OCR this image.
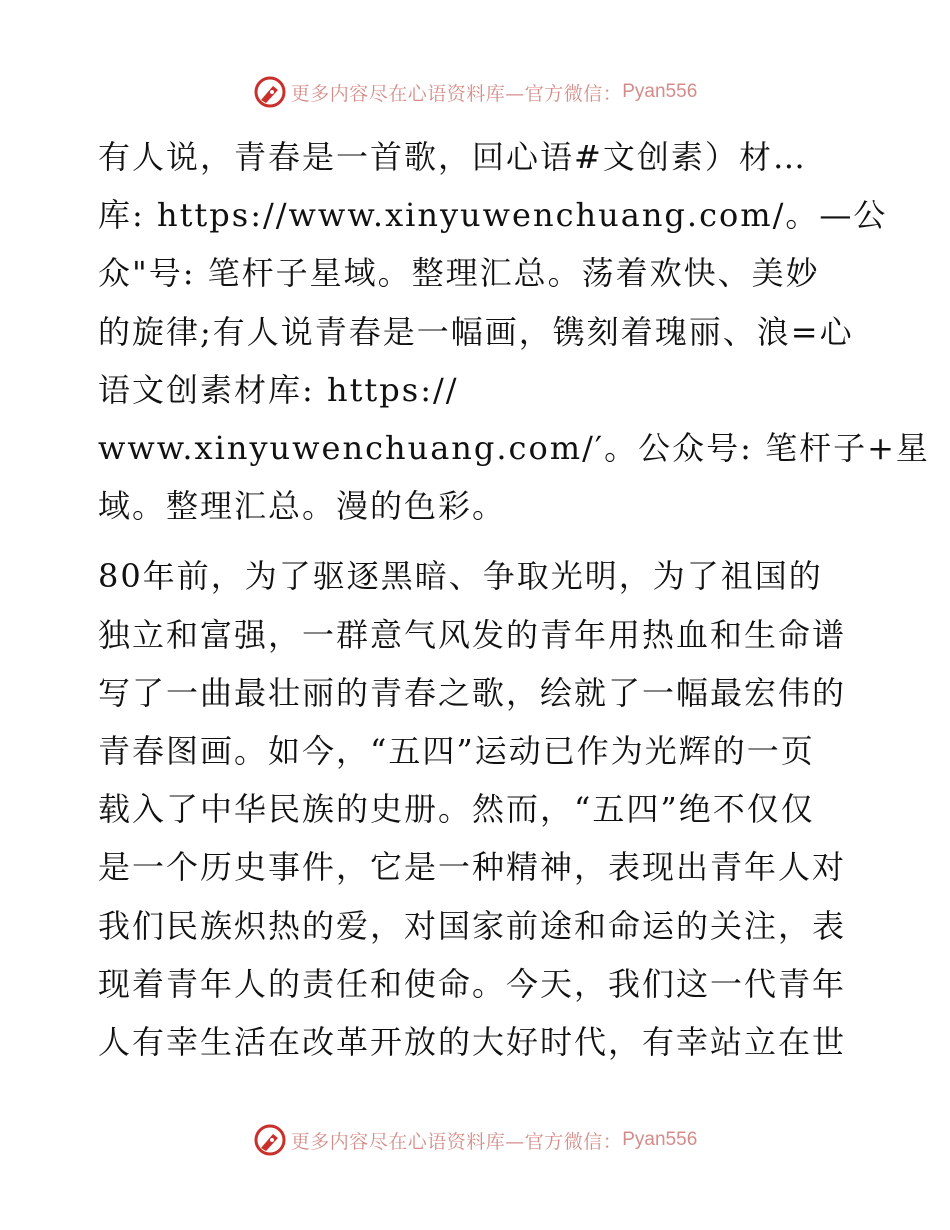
更多内容尽在心语资料库—官方微信： Pyan556

有人说，青春是一首歌，回心语#文创素）材…
库: https://www.xinyuwenchuang.com/。—公
众"号: 笔杆子星域。整理汇总。荡着欢快、美妙
的旋律;有人说青春是一幅画，镌刻着瑰丽、浪=心
语文创素材库: https://
www.xinyuwenchuang.com/′。公众号: 笔杆子+星
域。整理汇总。漫的色彩。

80年前，为了驱逐黑暗、争取光明，为了祖国的
独立和富强，一群意气风发的青年用热血和生命谱
写了一曲最壮丽的青春之歌，绘就了一幅最宏伟的
青春图画。如今，“五四”运动已作为光辉的一页
载入了中华民族的史册。然而，“五四”绝不仅仅
是一个历史事件，它是一种精神，表现出青年人对
我们民族炽热的爱，对国家前途和命运的关注，表
现着青年人的责任和使命。今天，我们这一代青年
人有幸生活在改革开放的大好时代，有幸站立在世

更多内容尽在心语资料库—官方微信： Pyan556
